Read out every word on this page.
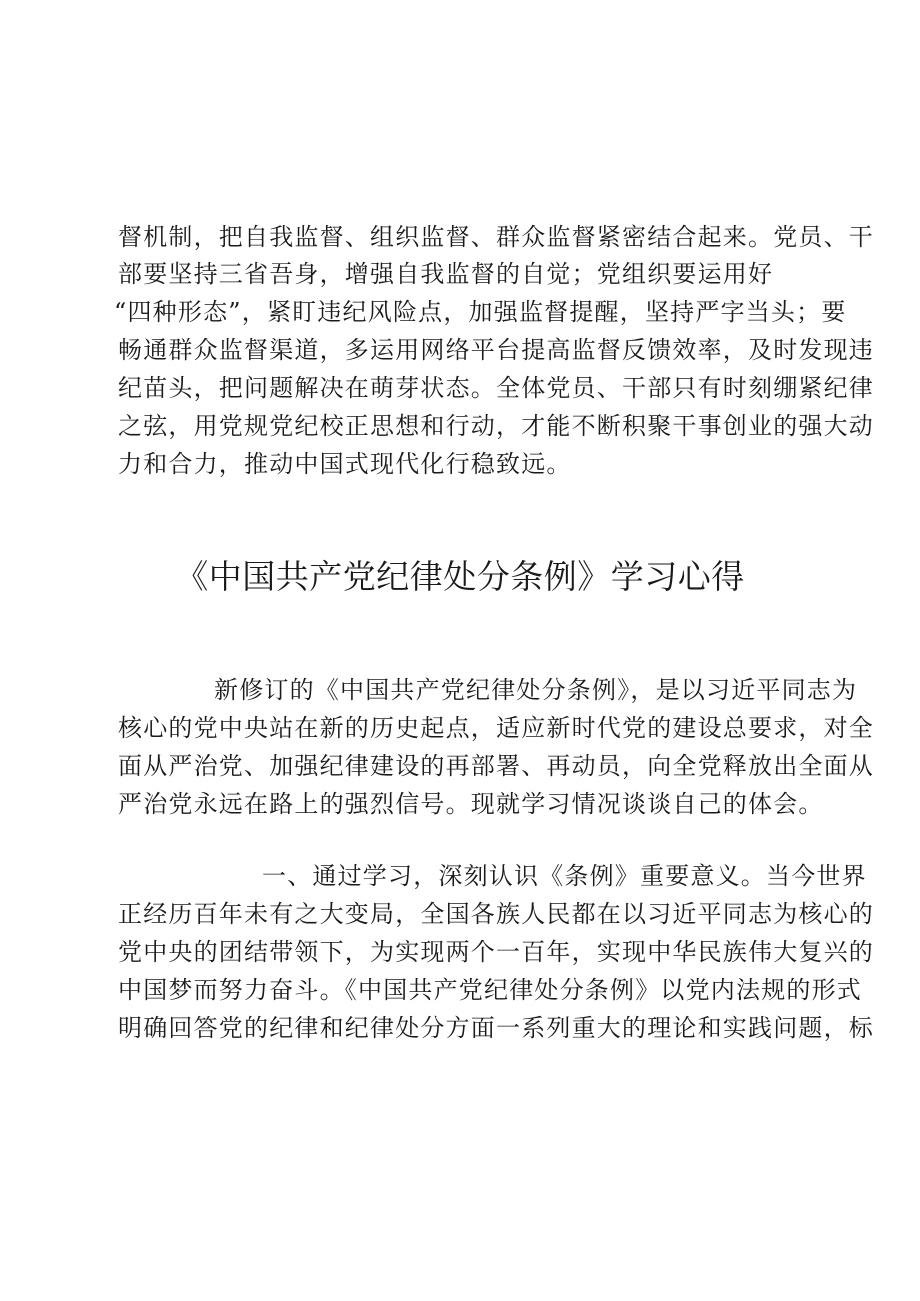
督机制，把自我监督、组织监督、群众监督紧密结合起来。党员、干
部要坚持三省吾身，增强自我监督的自觉；党组织要运用好
“四种形态”，紧盯违纪风险点，加强监督提醒，坚持严字当头；要
畅通群众监督渠道，多运用网络平台提高监督反馈效率，及时发现违
纪苗头，把问题解决在萌芽状态。全体党员、干部只有时刻绷紧纪律
之弦，用党规党纪校正思想和行动，才能不断积聚干事创业的强大动
力和合力，推动中国式现代化行稳致远。
《中国共产党纪律处分条例》学习心得
新修订的《中国共产党纪律处分条例》，是以习近平同志为
核心的党中央站在新的历史起点，适应新时代党的建设总要求，对全
面从严治党、加强纪律建设的再部署、再动员，向全党释放出全面从
严治党永远在路上的强烈信号。现就学习情况谈谈自己的体会。
一、通过学习，深刻认识《条例》重要意义。当今世界
正经历百年未有之大变局，全国各族人民都在以习近平同志为核心的
党中央的团结带领下，为实现两个一百年，实现中华民族伟大复兴的
中国梦而努力奋斗。《中国共产党纪律处分条例》以党内法规的形式
明确回答党的纪律和纪律处分方面一系列重大的理论和实践问题，标
